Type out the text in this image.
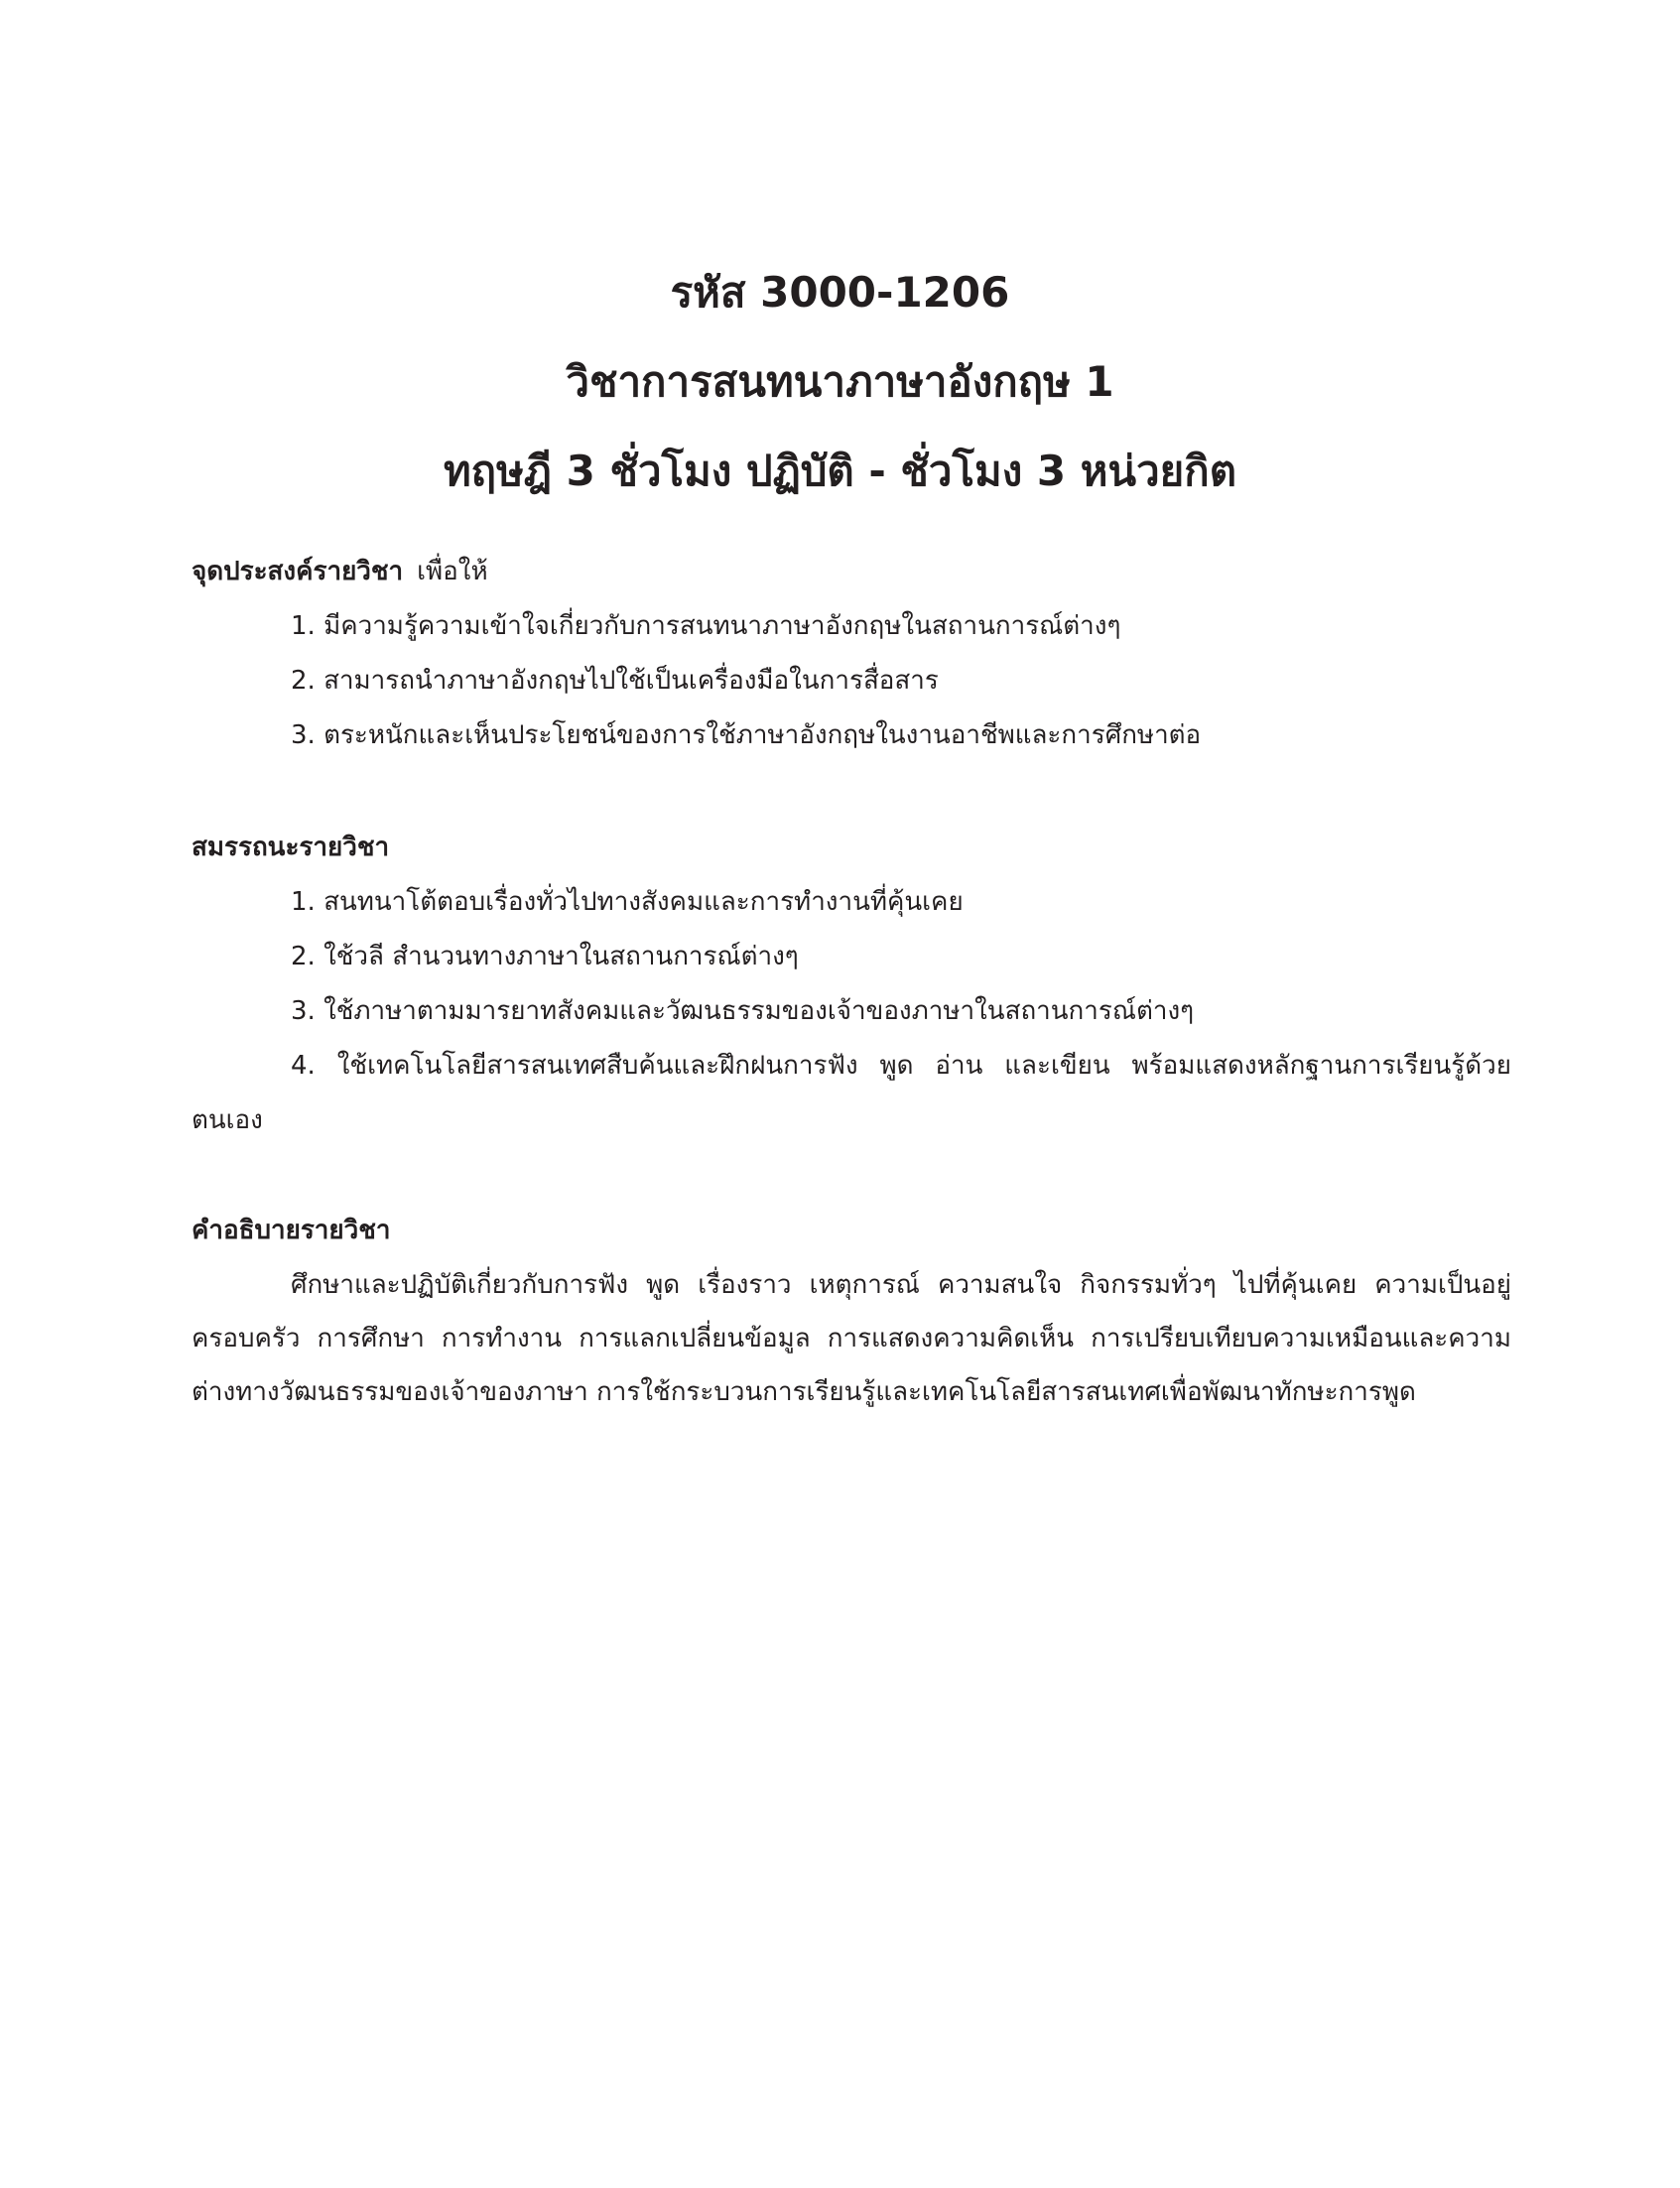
รหัส 3000-1206

วิชาการสนทนาภาษาอังกฤษ 1

ทฤษฎี 3 ชั่วโมง ปฏิบัติ - ชั่วโมง 3 หน่วยกิต

จุดประสงค์รายวิชา เพื่อให้

1. มีความรู้ความเข้าใจเกี่ยวกับการสนทนาภาษาอังกฤษในสถานการณ์ต่างๆ

2. สามารถนำภาษาอังกฤษไปใช้เป็นเครื่องมือในการสื่อสาร

3. ตระหนักและเห็นประโยชน์ของการใช้ภาษาอังกฤษในงานอาชีพและการศึกษาต่อ

สมรรถนะรายวิชา

1. สนทนาโต้ตอบเรื่องทั่วไปทางสังคมและการทำงานที่คุ้นเคย

2. ใช้วลี สำนวนทางภาษาในสถานการณ์ต่างๆ

3. ใช้ภาษาตามมารยาทสังคมและวัฒนธรรมของเจ้าของภาษาในสถานการณ์ต่างๆ

4. ใช้เทคโนโลยีสารสนเทศสืบค้นและฝึกฝนการฟัง พูด อ่าน และเขียน พร้อมแสดงหลักฐานการเรียนรู้ด้วยตนเอง

คำอธิบายรายวิชา

ศึกษาและปฏิบัติเกี่ยวกับการฟัง พูด เรื่องราว เหตุการณ์ ความสนใจ กิจกรรมทั่วๆ ไปที่คุ้นเคย ความเป็นอยู่ ครอบครัว การศึกษา การทำงาน การแลกเปลี่ยนข้อมูล การแสดงความคิดเห็น การเปรียบเทียบความเหมือนและความต่างทางวัฒนธรรมของเจ้าของภาษา การใช้กระบวนการเรียนรู้และเทคโนโลยีสารสนเทศเพื่อพัฒนาทักษะการพูด
